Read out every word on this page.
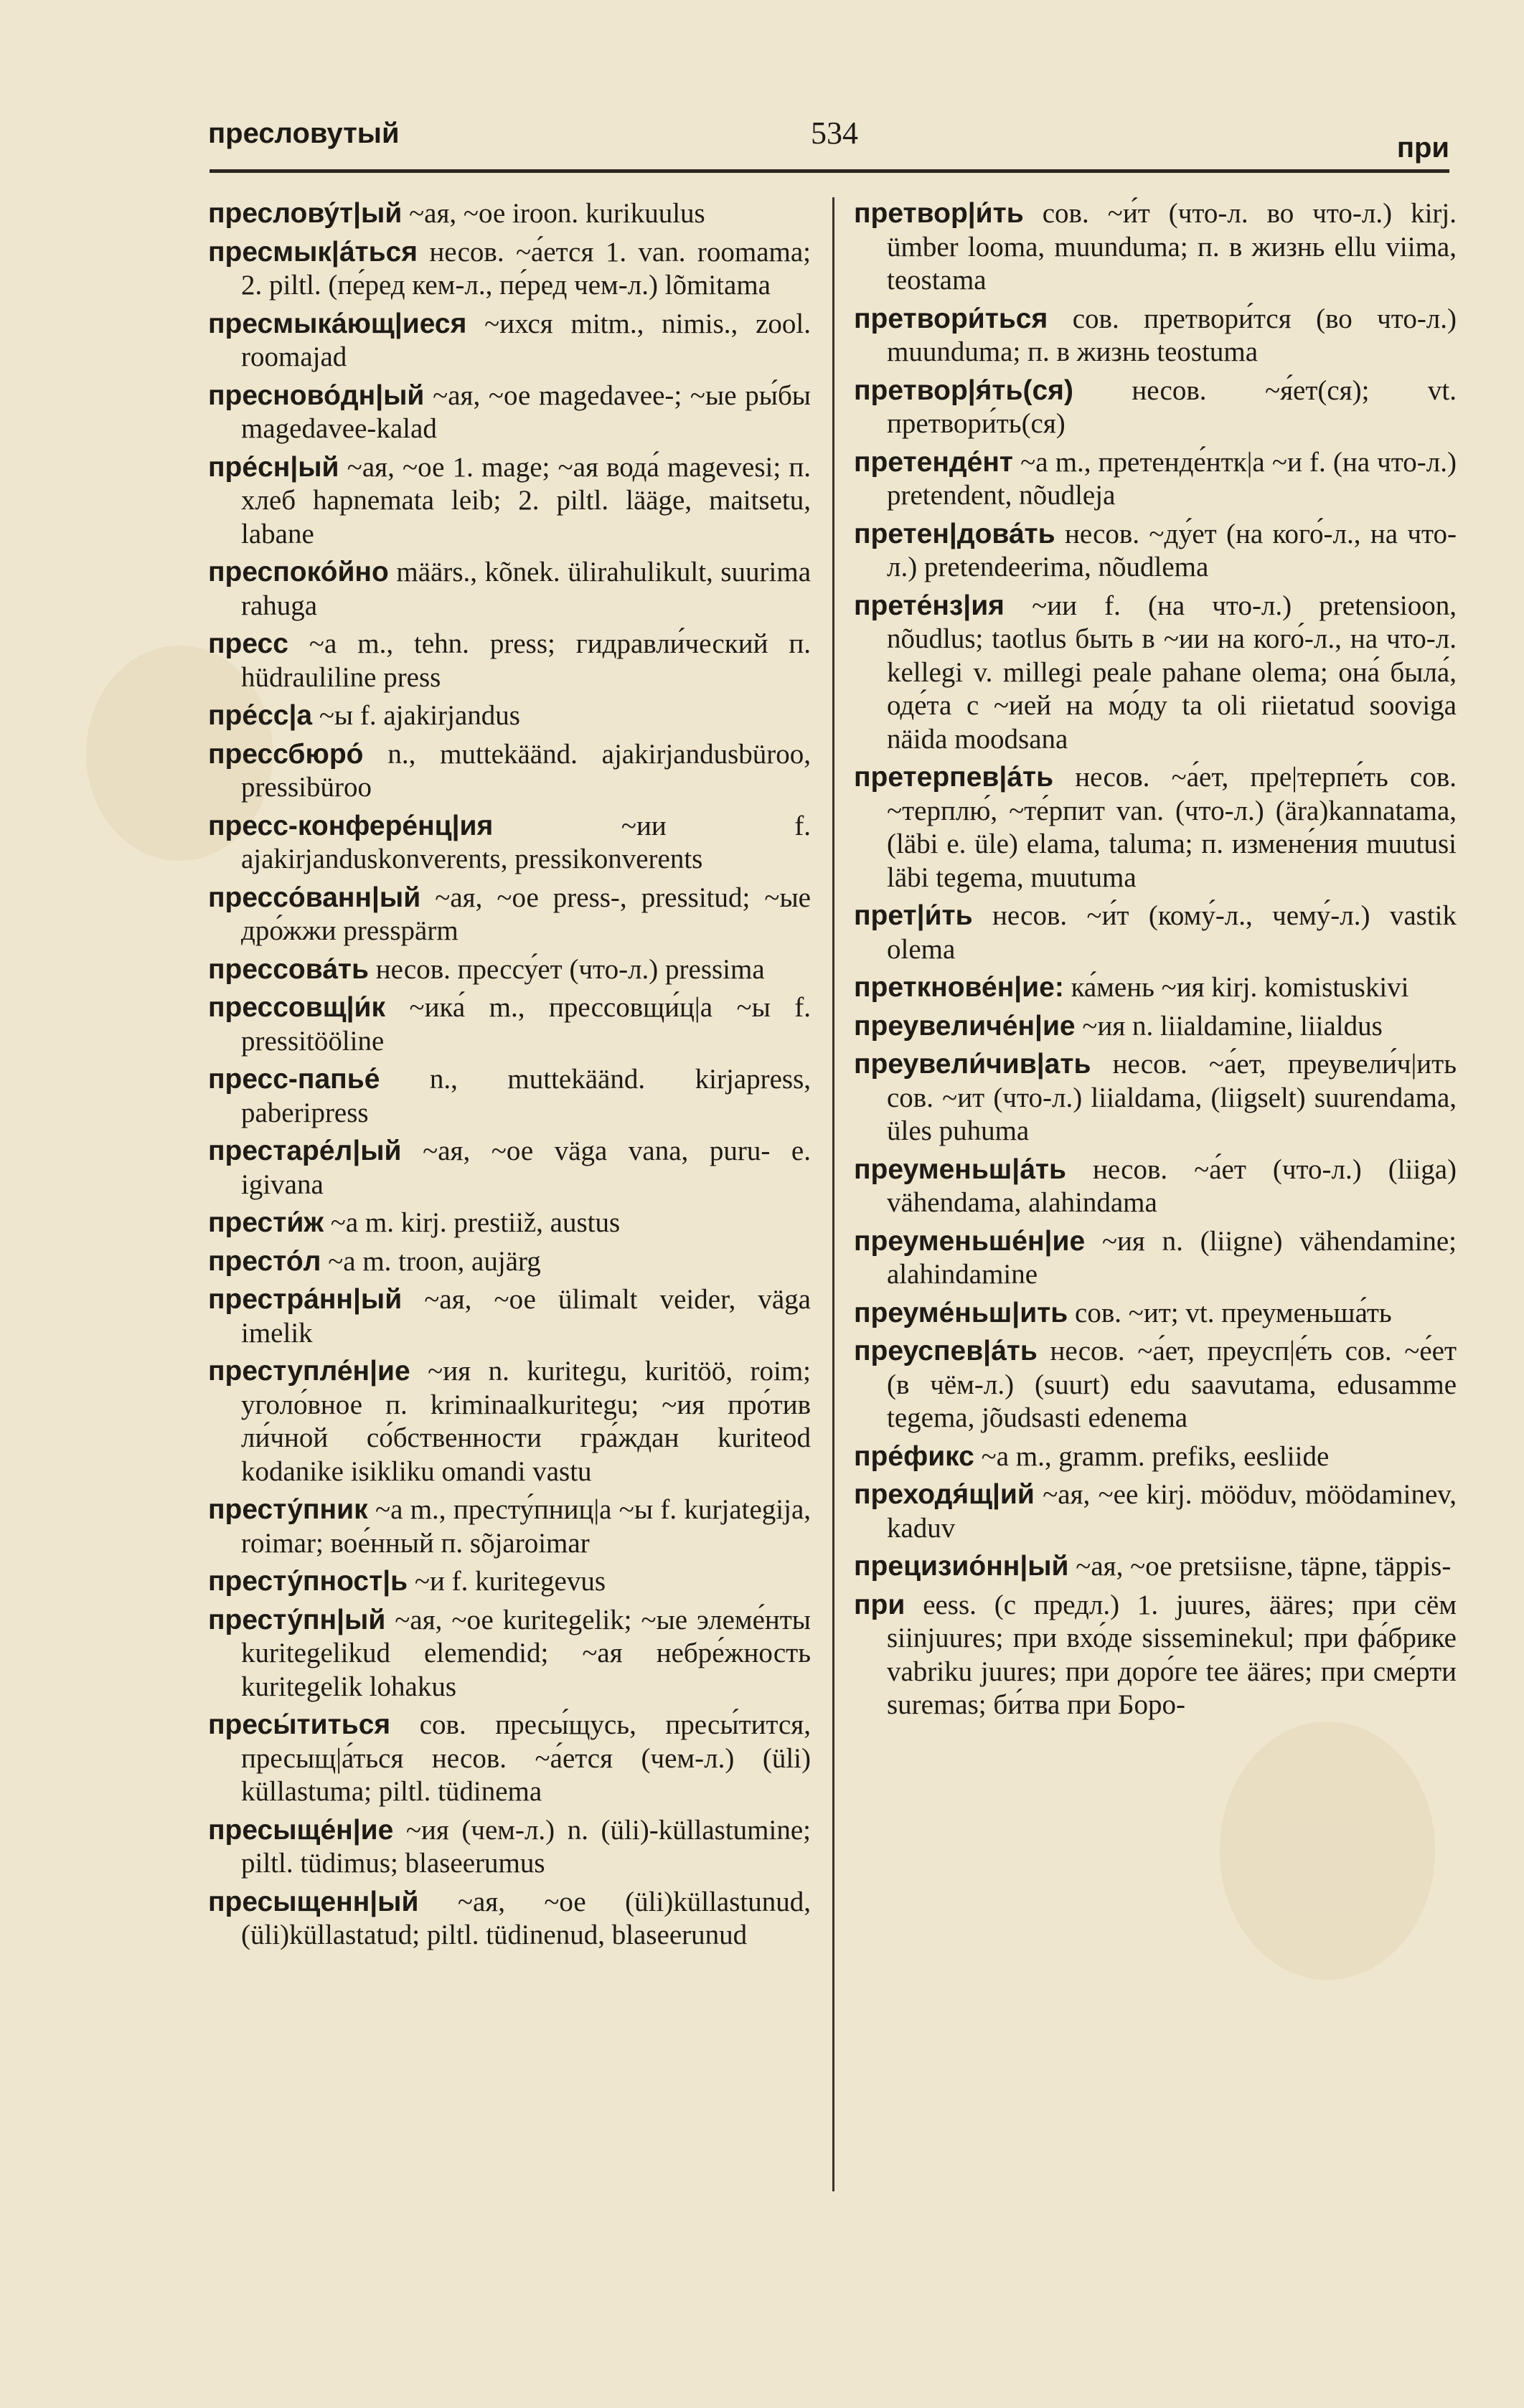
пресловутый	534	при

преслову́т|ый ~ая, ~ое iroon. kurikuulus

пресмык|а́ться несов. ~а́ется 1. van. roomama; 2. piltl. (пе́ред кем-л., пе́ред чем-л.) lõmitama

пресмыка́ющ|иеся ~ихся mitm., nimis., zool. roomajad

пресново́дн|ый ~ая, ~ое magedavee-; ~ые ры́бы magedavee-kalad

пре́сн|ый ~ая, ~ое 1. mage; ~ая вода́ magevesi; п. хлеб hapnemata leib; 2. piltl. lääge, maitsetu, labane

преспоко́йно määrs., kõnek. ülirahulikult, suurima rahuga

пресс ~а m., tehn. press; гидравли́ческий п. hüdrauliline press

пре́сс|а ~ы f. ajakirjandus

прессбюро́ n., muttekäänd. ajakirjandusbüroo, pressibüroo

пресс-конфере́нц|ия	~ии f. ajakirjanduskonverents, pressikonverents

прессо́ванн|ый ~ая, ~ое press-, pressitud; ~ые дро́жжи presspärm

прессова́ть несов. прессу́ет (что-л.) pressima

прессовщ|и́к ~ика́ m., прессовщи́ц|а ~ы f. pressitööline

пресс-папье́ n., muttekäänd. kirjapress, paberipress

престаре́л|ый ~ая, ~ое väga vana, puru- e. igivana

прести́ж ~а m. kirj. prestiiž, austus

престо́л ~а m. troon, aujärg

престра́нн|ый ~ая, ~ое ülimalt veider, väga imelik

преступле́н|ие ~ия n. kuritegu, kuritöö, roim; уголо́вное п. kriminaalkuritegu; ~ия про́тив ли́чной со́бственности гра́ждан kuriteod kodanike isikliku omandi vastu

престу́пник ~а m., престу́пниц|а ~ы f. kurjategija, roimar; вое́нный п. sõjaroimar

престу́пност|ь ~и f. kuritegevus

престу́пн|ый ~ая, ~ое kuritegelik; ~ые элеме́нты kuritegelikud elemendid; ~ая небре́жность kuritegelik lohakus

пресы́титься сов. пресы́щусь, пресы́тится, пресыщ|а́ться несов. ~а́ется (чем-л.) (üli) küllastuma; piltl. tüdinema

пресыще́н|ие ~ия (чем-л.) n. (üli)-küllastumine; piltl. tüdimus; blaseerumus

пресыщенн|ый ~ая, ~ое (üli)küllastunud, (üli)küllastatud; piltl. tüdinenud, blaseerunud

претвор|и́ть сов. ~и́т (что-л. во что-л.) kirj. ümber looma, muunduma; п. в жизнь ellu viima, teostama

претвори́ться сов. претвори́тся (во что-л.) muunduma; п. в жизнь teostuma

претвор|я́ть(ся) несов. ~я́ет(ся); vt. претвори́ть(ся)

претенде́нт ~а m., претенде́нтк|а ~и f. (на что-л.) pretendent, nõudleja

претен|дова́ть несов. ~ду́ет (на кого́-л., на что-л.) pretendeerima, nõudlema

прете́нз|ия ~ии f. (на что-л.) pretensioon, nõudlus; taotlus быть в ~ии на кого́-л., на что-л. kellegi v. millegi peale pahane olema; она́ была́, оде́та с ~ией на мо́ду ta oli riietatud sooviga näida moodsana

претерпев|а́ть несов. ~а́ет, пре|терпе́ть сов. ~терплю́, ~те́рпит van. (что-л.) (ära)kannatama, (läbi e. üle) elama, taluma; п. измене́ния muutusi läbi tegema, muutuma

прет|и́ть несов. ~и́т (кому́-л., чему́-л.) vastik olema

преткнове́н|ие: ка́мень ~ия kirj. komistuskivi

преувеличе́н|ие ~ия n. liialdamine, liialdus

преувели́чив|ать несов. ~а́ет, преувели́ч|ить сов. ~ит (что-л.) liialdama, (liigselt) suurendama, üles puhuma

преуменьш|а́ть несов. ~а́ет (что-л.) (liiga) vähendama, alahindama

преуменьше́н|ие ~ия n. (liigne) vähendamine; alahindamine

преуме́ньш|ить сов. ~ит; vt. преуменьша́ть

преуспев|а́ть несов. ~а́ет, преусп|е́ть сов. ~е́ет (в чём-л.) (suurt) edu saavutama, edusamme tegema, jõudsasti edenema

пре́фикс ~а m., gramm. prefiks, eesliide

преходя́щ|ий ~ая, ~ее kirj. mööduv, möödaminev, kaduv

прецизио́нн|ый ~ая, ~ое pretsiisne, täpne, täppis-

при eess. (с предл.) 1. juures, ääres; при сём siinjuures; при вхо́де sisseminekul; при фа́брике vabriku juures; при доро́ге tee ääres; при сме́рти suremas; би́тва при Боро-
